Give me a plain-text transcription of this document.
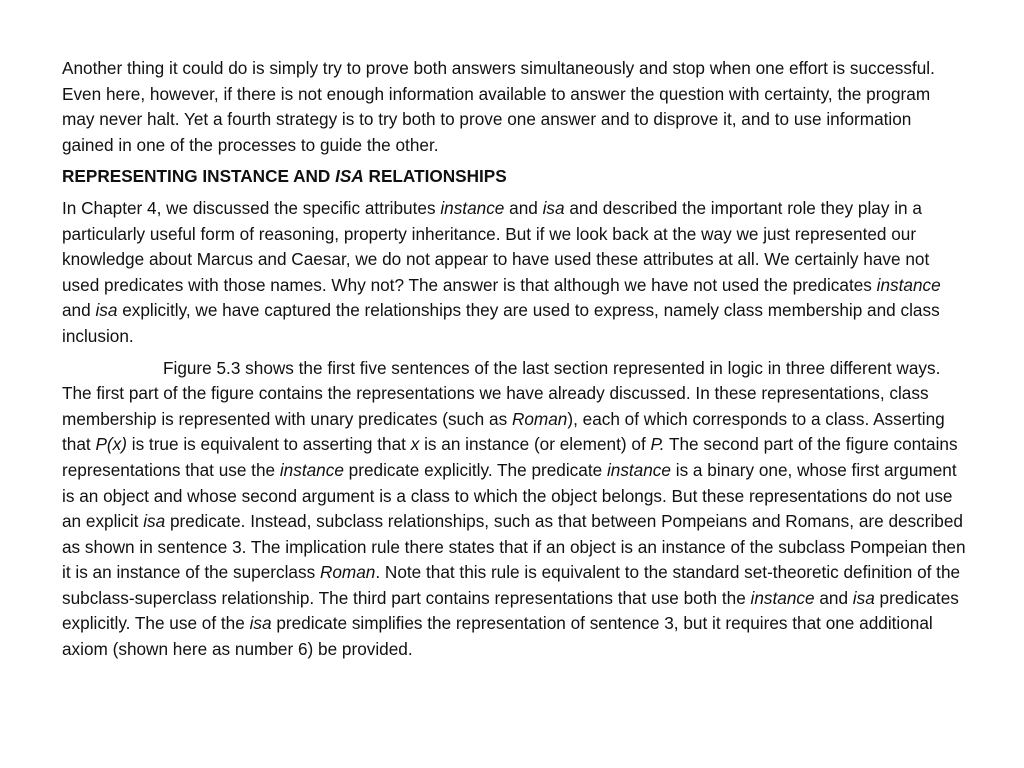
Another thing it could do is simply try to prove both answers simultaneously and stop when one effort is successful. Even here, however, if there is not enough information available to answer the question with certainty, the program may never halt. Yet a fourth strategy is to try both to prove one answer and to disprove it, and to use information gained in one of the processes to guide the other.

REPRESENTING INSTANCE AND ISA RELATIONSHIPS

In Chapter 4, we discussed the specific attributes instance and isa and described the important role they play in a particularly useful form of reasoning, property inheritance. But if we look back at the way we just represented our knowledge about Marcus and Caesar, we do not appear to have used these attributes at all. We certainly have not used predicates with those names. Why not? The answer is that although we have not used the predicates instance and isa explicitly, we have captured the relationships they are used to express, namely class membership and class inclusion.

Figure 5.3 shows the first five sentences of the last section represented in logic in three different ways. The first part of the figure contains the representations we have already discussed. In these representations, class membership is represented with unary predicates (such as Roman), each of which corresponds to a class. Asserting that P(x) is true is equivalent to asserting that x is an instance (or element) of P. The second part of the figure contains representations that use the instance predicate explicitly. The predicate instance is a binary one, whose first argument is an object and whose second argument is a class to which the object belongs. But these representations do not use an explicit isa predicate. Instead, subclass relationships, such as that between Pompeians and Romans, are described as shown in sentence 3. The implication rule there states that if an object is an instance of the subclass Pompeian then it is an instance of the superclass Roman. Note that this rule is equivalent to the standard set-theoretic definition of the subclass-superclass relationship. The third part contains representations that use both the instance and isa predicates explicitly. The use of the isa predicate simplifies the representation of sentence 3, but it requires that one additional axiom (shown here as number 6) be provided.
